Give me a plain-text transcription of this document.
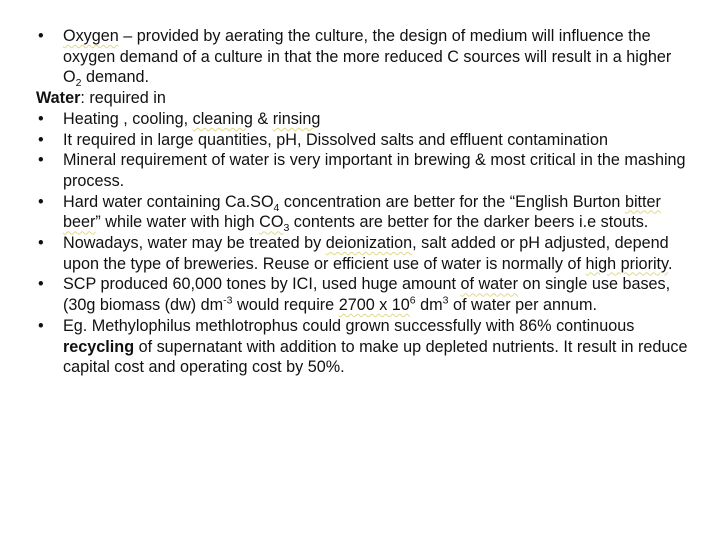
• Oxygen – provided by aerating the culture, the design of medium will influence the oxygen demand of a culture in that the more reduced C sources will result in a higher $O_2$ demand.
Water: required in
• Heating , cooling, cleaning & rinsing
• It required in large quantities, pH, Dissolved salts and effluent contamination
• Mineral requirement of water is very important in brewing & most critical in the mashing process.
• Hard water containing $Ca.SO_4$ concentration are better for the “English Burton bitter beer” while water with high $CO_3$ contents are better for the darker beers i.e stouts.
• Nowadays, water may be treated by deionization, salt added or pH adjusted, depend upon the type of breweries. Reuse or efficient use of water is normally of high priority.
• SCP produced 60,000 tones by ICI, used huge amount of water on single use bases, (30g biomass (dw) $dm^{-3}$ would require 2700 x $10^6$ $dm^3$ of water per annum.
• Eg. Methylophilus methlotrophus could grown successfully with 86% continuous recycling of supernatant with addition to make up depleted nutrients. It result in reduce capital cost and operating cost by 50%.
